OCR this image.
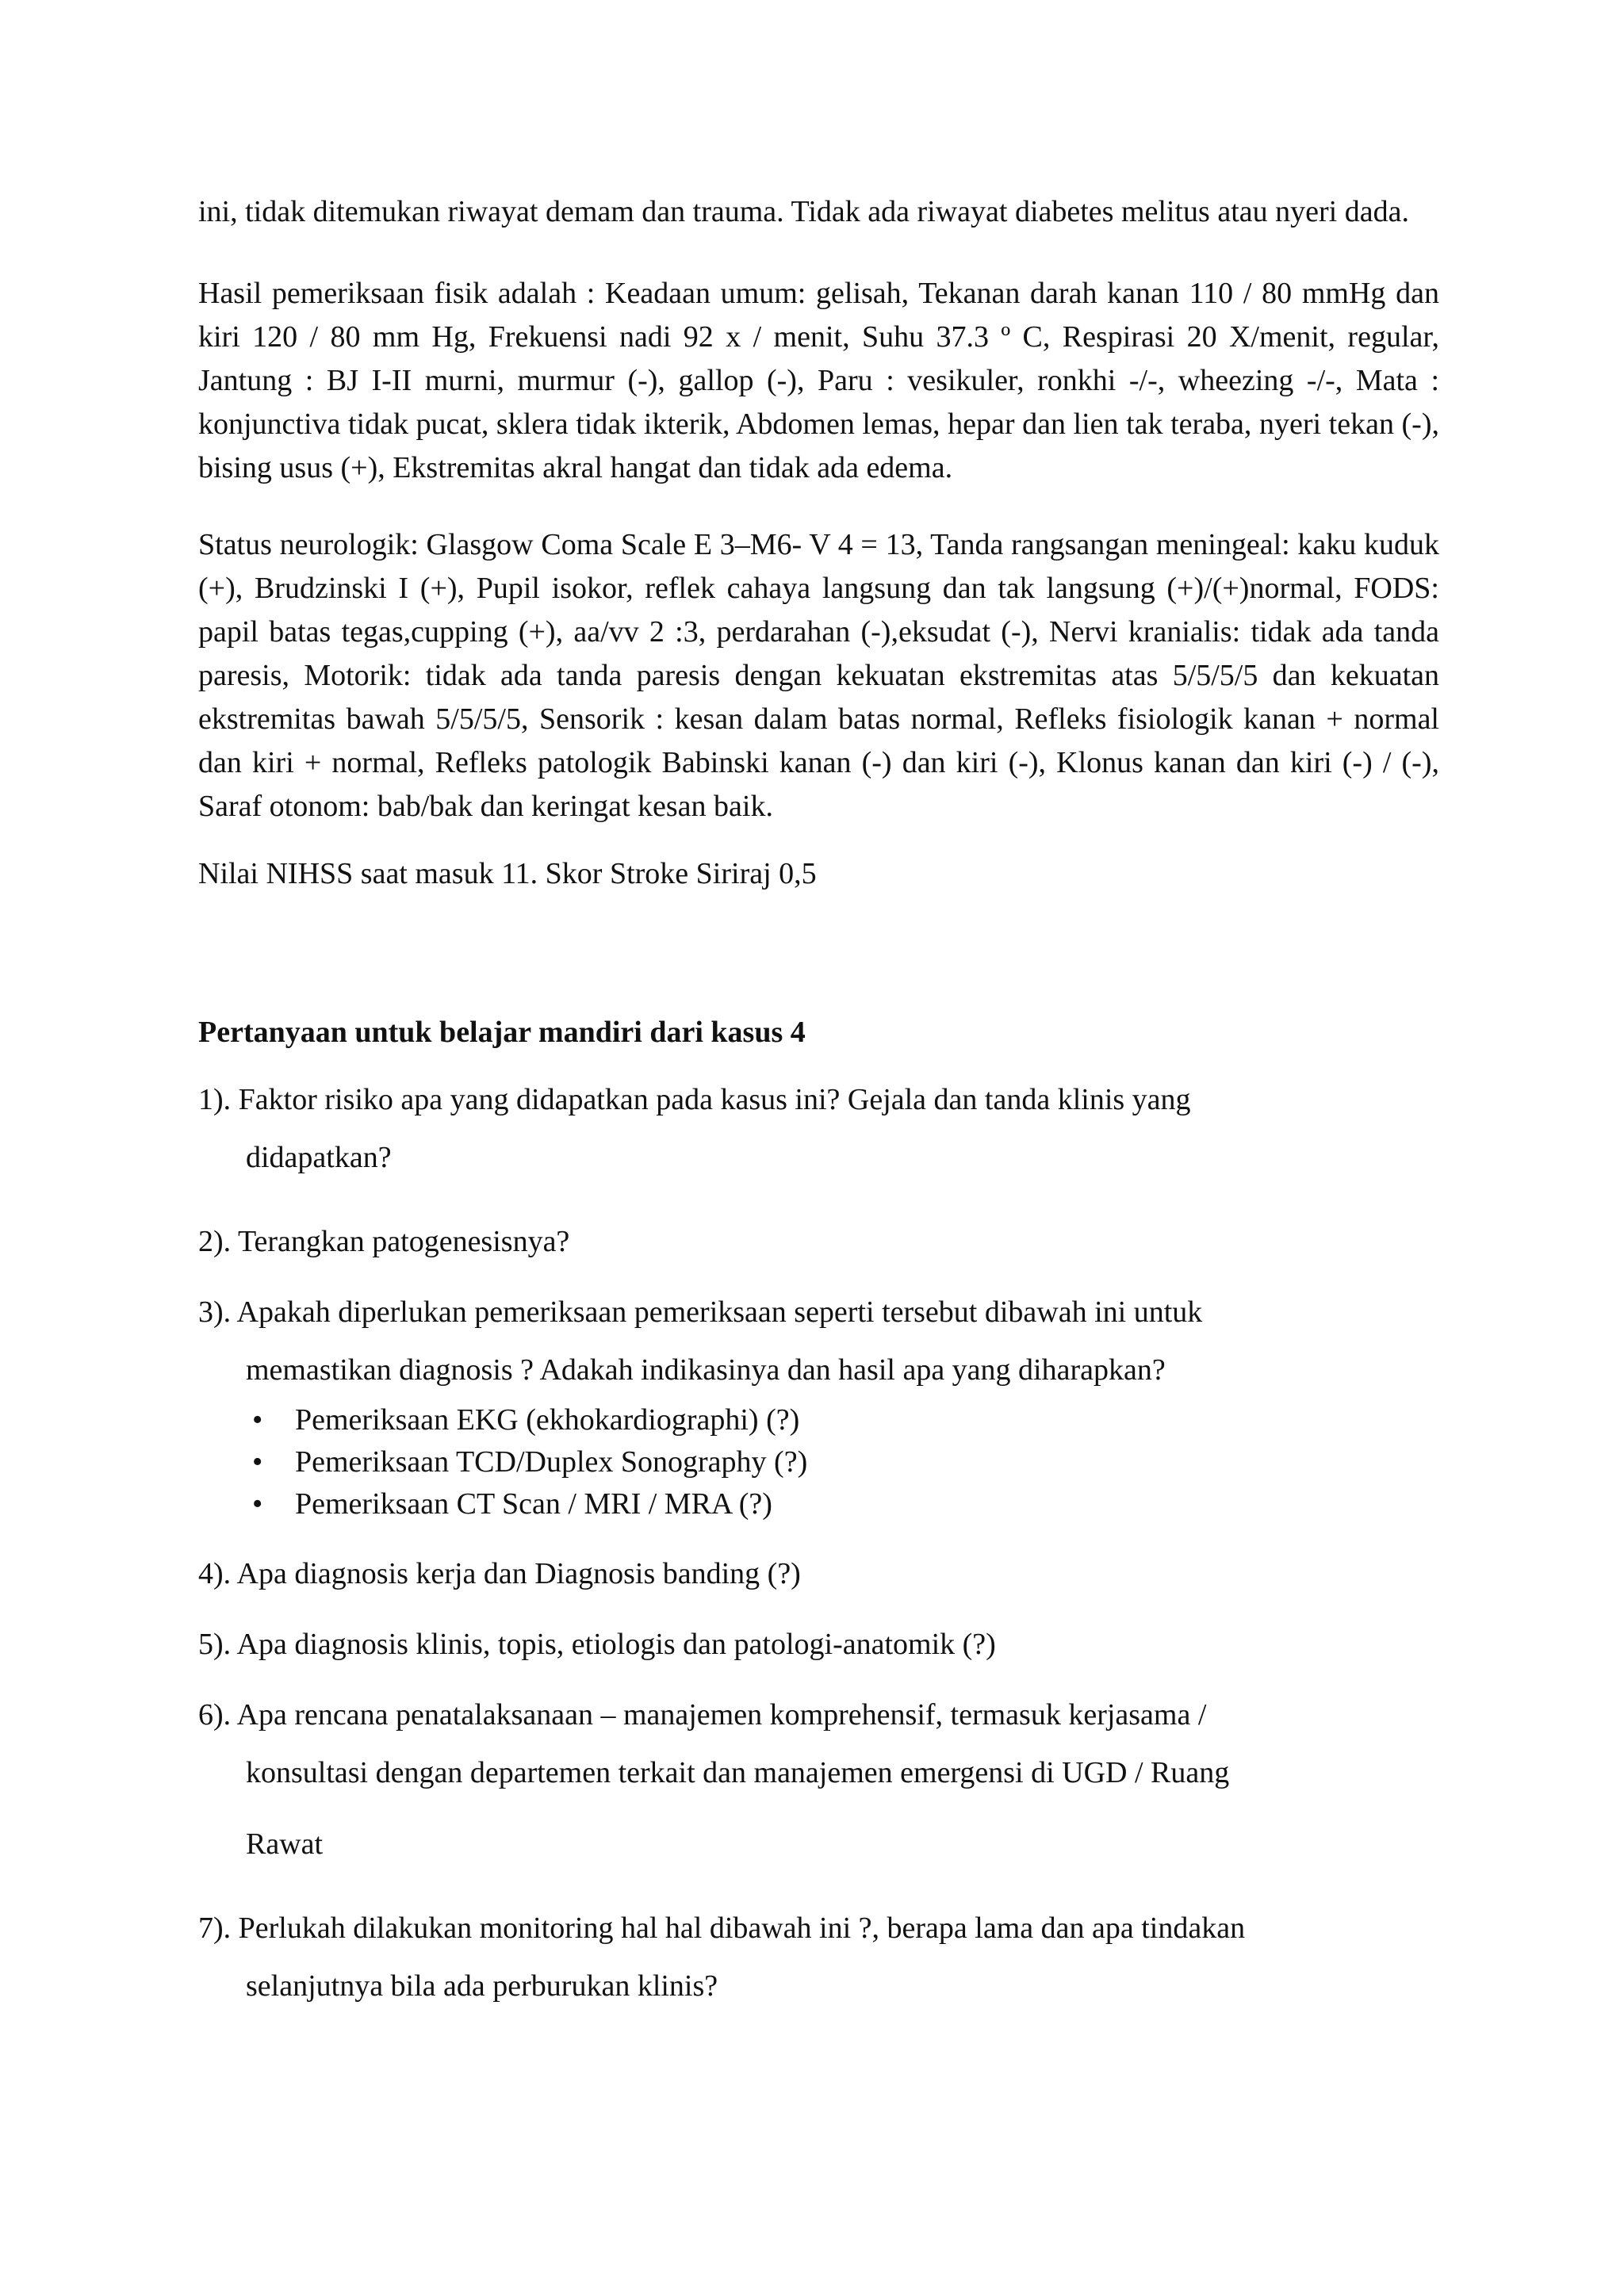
ini, tidak ditemukan riwayat demam dan trauma. Tidak ada riwayat diabetes melitus atau nyeri dada.

Hasil pemeriksaan fisik adalah : Keadaan umum: gelisah, Tekanan darah kanan 110 / 80 mmHg dan kiri 120 / 80 mm Hg, Frekuensi nadi 92 x / menit, Suhu 37.3 º C, Respirasi 20 X/menit, regular, Jantung : BJ I-II murni, murmur (-), gallop (-), Paru : vesikuler, ronkhi -/-, wheezing -/-, Mata : konjunctiva tidak pucat, sklera tidak ikterik, Abdomen lemas, hepar dan lien tak teraba, nyeri tekan (-), bising usus (+), Ekstremitas akral hangat dan tidak ada edema.

Status neurologik: Glasgow Coma Scale E 3–M6- V 4 = 13, Tanda rangsangan meningeal: kaku kuduk (+), Brudzinski I (+), Pupil isokor, reflek cahaya langsung dan tak langsung (+)/(+)normal, FODS: papil batas tegas,cupping (+), aa/vv 2 :3, perdarahan (-),eksudat (-), Nervi kranialis: tidak ada tanda paresis, Motorik: tidak ada tanda paresis dengan kekuatan ekstremitas atas 5/5/5/5 dan kekuatan ekstremitas bawah 5/5/5/5, Sensorik : kesan dalam batas normal, Refleks fisiologik kanan + normal dan kiri + normal, Refleks patologik Babinski kanan (-) dan kiri (-), Klonus kanan dan kiri (-) / (-), Saraf otonom: bab/bak dan keringat kesan baik.

Nilai NIHSS saat masuk 11. Skor Stroke Siriraj 0,5

Pertanyaan untuk belajar mandiri dari kasus 4

1). Faktor risiko apa yang didapatkan pada kasus ini? Gejala dan tanda klinis yang
didapatkan?
2). Terangkan patogenesisnya?
3). Apakah diperlukan pemeriksaan pemeriksaan seperti tersebut dibawah ini untuk
memastikan diagnosis ? Adakah indikasinya dan hasil apa yang diharapkan?
• Pemeriksaan EKG (ekhokardiographi) (?)
• Pemeriksaan TCD/Duplex Sonography (?)
• Pemeriksaan CT Scan / MRI / MRA (?)
4). Apa diagnosis kerja dan Diagnosis banding (?)
5). Apa diagnosis klinis, topis, etiologis dan patologi-anatomik (?)
6). Apa rencana penatalaksanaan – manajemen komprehensif, termasuk kerjasama /
konsultasi dengan departemen terkait dan manajemen emergensi di UGD / Ruang
Rawat
7). Perlukah dilakukan monitoring hal hal dibawah ini ?, berapa lama dan apa tindakan
selanjutnya bila ada perburukan klinis?
